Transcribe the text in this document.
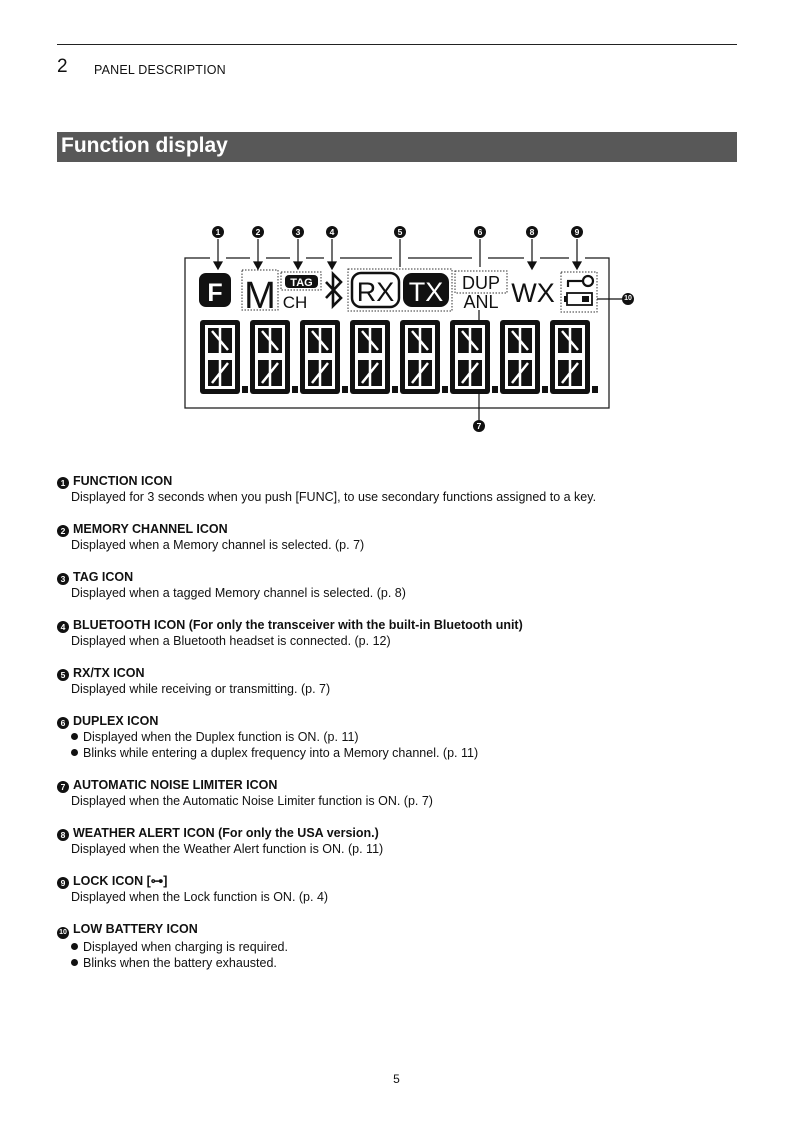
2 PANEL DESCRIPTION
Function display
F M TAG
CH RX TX DUP
ANL WX
1	2	3	4	5	6
7
8	9
10
1 FUNCTION ICON
Displayed for 3 seconds when you push [FUNC], to use secondary functions assigned to a key.
2 MEMORY CHANNEL ICON
Displayed when a Memory channel is selected. (p. 7)
3 TAG ICON
Displayed when a tagged Memory channel is selected. (p. 8)
4 BLUETOOTH ICON (For only the transceiver with the built-in Bluetooth unit)
Displayed when a Bluetooth headset is connected. (p. 12)
5 RX/TX ICON
Displayed while receiving or transmitting. (p. 7)
6 DUPLEX ICON
Displayed when the Duplex function is ON. (p. 11)
Blinks while entering a duplex frequency into a Memory channel. (p. 11)
7 AUTOMATIC NOISE LIMITER ICON
Displayed when the Automatic Noise Limiter function is ON. (p. 7)
8 WEATHER ALERT ICON (For only the USA version.)
Displayed when the Weather Alert function is ON. (p. 11)
9 LOCK ICON [⊶]
Displayed when the Lock function is ON. (p. 4)
10 LOW BATTERY ICON
Displayed when charging is required.
Blinks when the battery exhausted.
5
